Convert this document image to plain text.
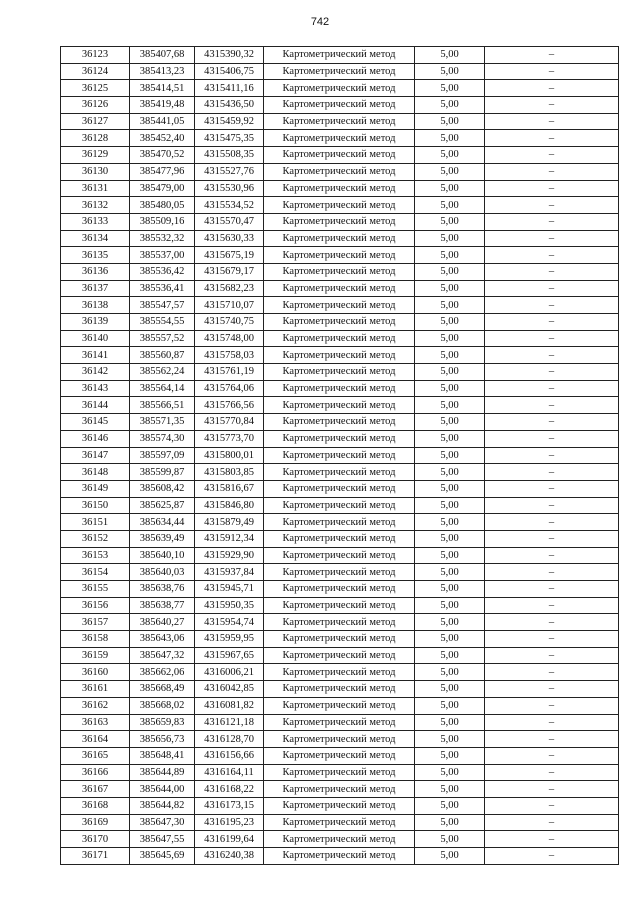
742
36123	385407,68	4315390,32	Картометрический метод	5,00	–
36124	385413,23	4315406,75	Картометрический метод	5,00	–
36125	385414,51	4315411,16	Картометрический метод	5,00	–
36126	385419,48	4315436,50	Картометрический метод	5,00	–
36127	385441,05	4315459,92	Картометрический метод	5,00	–
36128	385452,40	4315475,35	Картометрический метод	5,00	–
36129	385470,52	4315508,35	Картометрический метод	5,00	–
36130	385477,96	4315527,76	Картометрический метод	5,00	–
36131	385479,00	4315530,96	Картометрический метод	5,00	–
36132	385480,05	4315534,52	Картометрический метод	5,00	–
36133	385509,16	4315570,47	Картометрический метод	5,00	–
36134	385532,32	4315630,33	Картометрический метод	5,00	–
36135	385537,00	4315675,19	Картометрический метод	5,00	–
36136	385536,42	4315679,17	Картометрический метод	5,00	–
36137	385536,41	4315682,23	Картометрический метод	5,00	–
36138	385547,57	4315710,07	Картометрический метод	5,00	–
36139	385554,55	4315740,75	Картометрический метод	5,00	–
36140	385557,52	4315748,00	Картометрический метод	5,00	–
36141	385560,87	4315758,03	Картометрический метод	5,00	–
36142	385562,24	4315761,19	Картометрический метод	5,00	–
36143	385564,14	4315764,06	Картометрический метод	5,00	–
36144	385566,51	4315766,56	Картометрический метод	5,00	–
36145	385571,35	4315770,84	Картометрический метод	5,00	–
36146	385574,30	4315773,70	Картометрический метод	5,00	–
36147	385597,09	4315800,01	Картометрический метод	5,00	–
36148	385599,87	4315803,85	Картометрический метод	5,00	–
36149	385608,42	4315816,67	Картометрический метод	5,00	–
36150	385625,87	4315846,80	Картометрический метод	5,00	–
36151	385634,44	4315879,49	Картометрический метод	5,00	–
36152	385639,49	4315912,34	Картометрический метод	5,00	–
36153	385640,10	4315929,90	Картометрический метод	5,00	–
36154	385640,03	4315937,84	Картометрический метод	5,00	–
36155	385638,76	4315945,71	Картометрический метод	5,00	–
36156	385638,77	4315950,35	Картометрический метод	5,00	–
36157	385640,27	4315954,74	Картометрический метод	5,00	–
36158	385643,06	4315959,95	Картометрический метод	5,00	–
36159	385647,32	4315967,65	Картометрический метод	5,00	–
36160	385662,06	4316006,21	Картометрический метод	5,00	–
36161	385668,49	4316042,85	Картометрический метод	5,00	–
36162	385668,02	4316081,82	Картометрический метод	5,00	–
36163	385659,83	4316121,18	Картометрический метод	5,00	–
36164	385656,73	4316128,70	Картометрический метод	5,00	–
36165	385648,41	4316156,66	Картометрический метод	5,00	–
36166	385644,89	4316164,11	Картометрический метод	5,00	–
36167	385644,00	4316168,22	Картометрический метод	5,00	–
36168	385644,82	4316173,15	Картометрический метод	5,00	–
36169	385647,30	4316195,23	Картометрический метод	5,00	–
36170	385647,55	4316199,64	Картометрический метод	5,00	–
36171	385645,69	4316240,38	Картометрический метод	5,00	–
